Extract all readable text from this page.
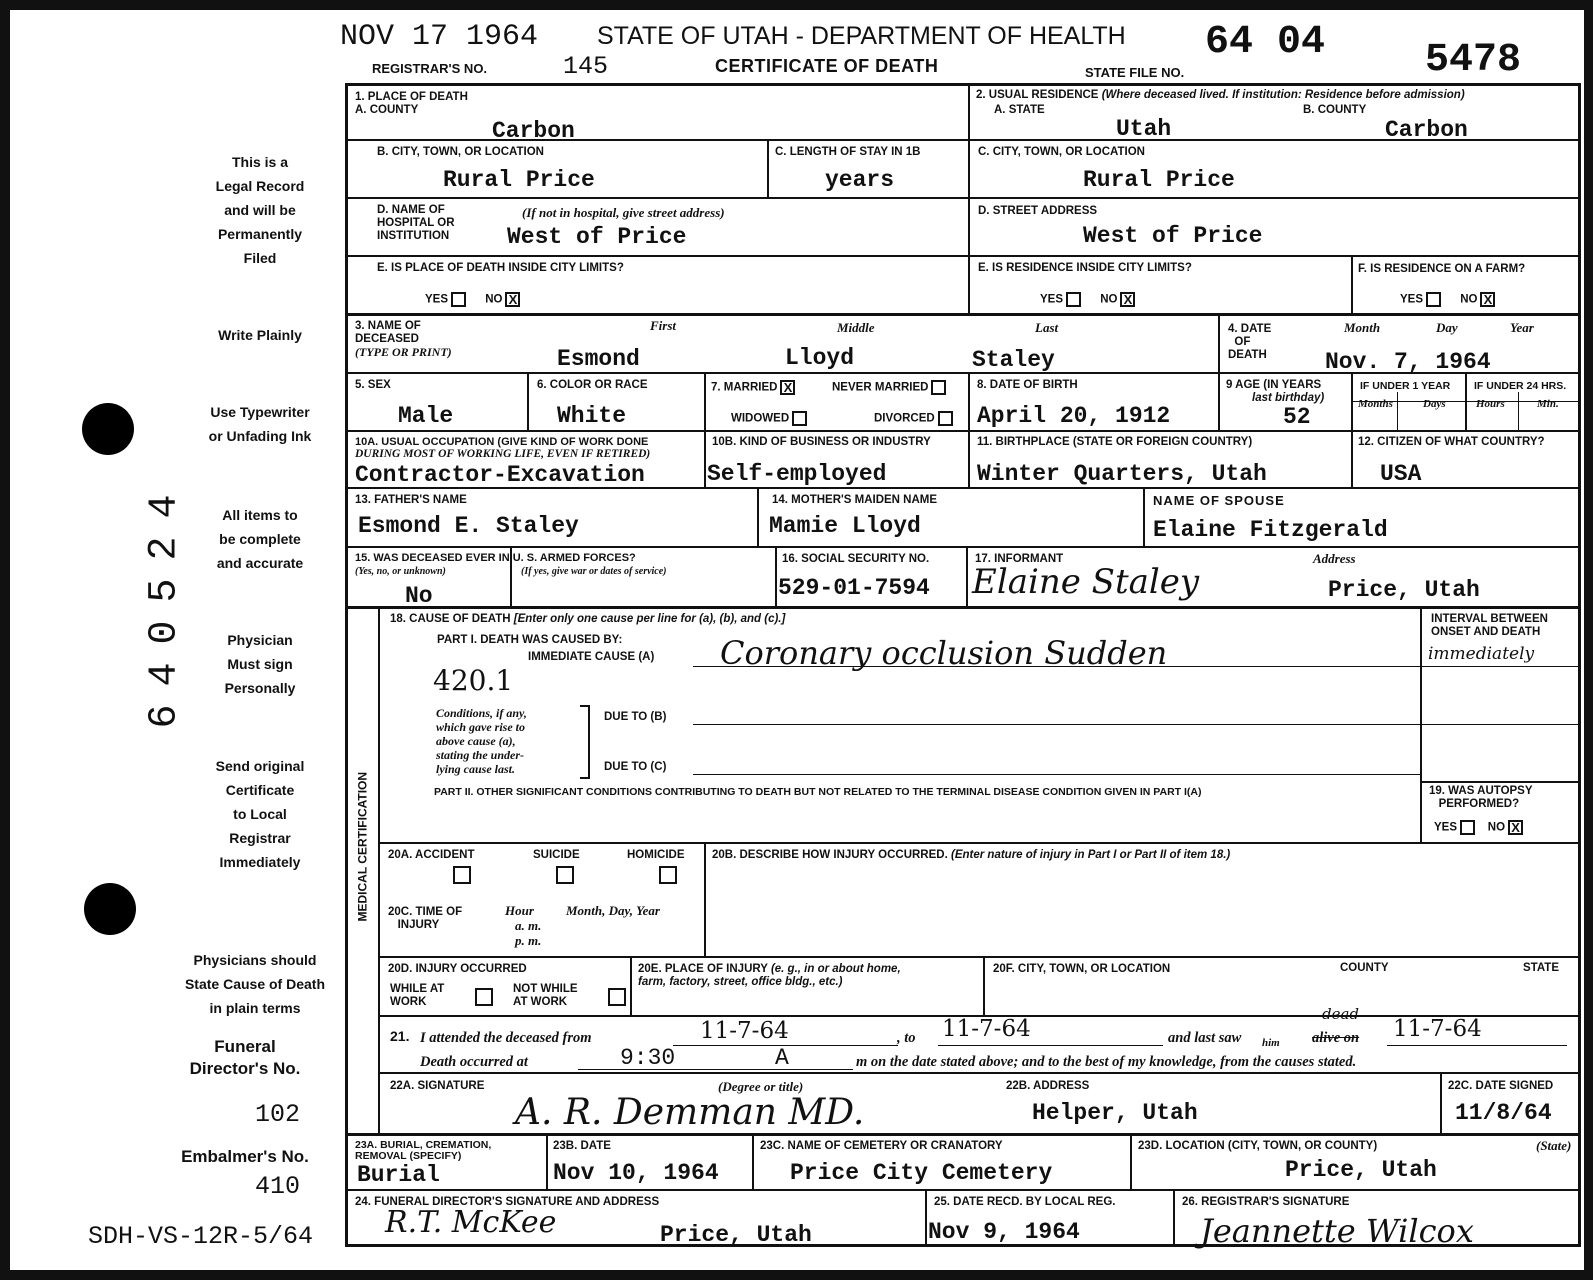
NOV 17 1964 STATE OF UTAH - DEPARTMENT OF HEALTH 64 04 5478
REGISTRAR'S NO.	145	CERTIFICATE OF DEATH	STATE FILE NO.
This is a
Legal Record
and will be
Permanently
Filed
Write Plainly
Use Typewriter
or Unfading Ink
All items to
be complete
and accurate
Physician
Must sign
Personally
Send original
Certificate
to Local
Registrar
Immediately
Physicians should
State Cause of Death
in plain terms
Funeral
Director's No.
102
Embalmer's No.
410
SDH-VS-12R-5/64
640524
1. PLACE OF DEATH
A. COUNTY
Carbon
2. USUAL RESIDENCE (Where deceased lived. If institution: Residence before admission)
A. STATE	B. COUNTY
Utah	Carbon
B. CITY, TOWN, OR LOCATION
Rural Price
C. LENGTH OF STAY IN 1B
years
C. CITY, TOWN, OR LOCATION
Rural Price
D. NAME OF
HOSPITAL OR
INSTITUTION
(If not in hospital, give street address)
West of Price
D. STREET ADDRESS
West of Price
E. IS PLACE OF DEATH INSIDE CITY LIMITS?
YES	NO X
E. IS RESIDENCE INSIDE CITY LIMITS?
YES	NO X
F. IS RESIDENCE ON A FARM?
YES	NO X
3. NAME OF
DECEASED
(TYPE OR PRINT)
First	Middle	Last
Esmond	Lloyd	Staley
4. DATE
OF
DEATH
Month	Day	Year
Nov. 7, 1964
5. SEX
Male
6. COLOR OR RACE
White
7. MARRIED X	NEVER MARRIED
WIDOWED	DIVORCED
8. DATE OF BIRTH
April 20, 1912
9 AGE (IN YEARS
last birthday)
52
IF UNDER 1 YEAR IF UNDER 24 HRS.
Months	Days	Hours	Min.
10A. USUAL OCCUPATION (GIVE KIND OF WORK DONE
DURING MOST OF WORKING LIFE, EVEN IF RETIRED)
Contractor-Excavation
10B. KIND OF BUSINESS OR INDUSTRY
Self-employed
11. BIRTHPLACE (STATE OR FOREIGN COUNTRY)
Winter Quarters, Utah
12. CITIZEN OF WHAT COUNTRY?
USA
13. FATHER'S NAME
Esmond E. Staley
14. MOTHER'S MAIDEN NAME
Mamie Lloyd
NAME OF SPOUSE
Elaine Fitzgerald
15. WAS DECEASED EVER IN U. S. ARMED FORCES?
(Yes, no, or unknown)	(If yes, give war or dates of service)
No
16. SOCIAL SECURITY NO.
529-01-7594
17. INFORMANT	Address
Elaine Staley	Price, Utah
MEDICAL CERTIFICATION
18. CAUSE OF DEATH [Enter only one cause per line for (a), (b), and (c).]
PART I. DEATH WAS CAUSED BY:
IMMEDIATE CAUSE (A) Coronary occlusion Sudden
420.1
INTERVAL BETWEEN
ONSET AND DEATH
immediately
Conditions, if any,
which gave rise to
above cause (a),
stating the under-
lying cause last.
DUE TO (B)
DUE TO (C)
PART II. OTHER SIGNIFICANT CONDITIONS CONTRIBUTING TO DEATH BUT NOT RELATED TO THE TERMINAL DISEASE CONDITION GIVEN IN PART I(A)	19. WAS AUTOPSY
PERFORMED?
YES	NO X
20A. ACCIDENT	SUICIDE	HOMICIDE 20B. DESCRIBE HOW INJURY OCCURRED. (Enter nature of injury in Part I or Part II of item 18.)
20C. TIME OF
INJURY
Hour
a. m.
p. m.
Month, Day, Year
20D. INJURY OCCURRED
WHILE AT
WORK
NOT WHILE
AT WORK
20E. PLACE OF INJURY (e. g., in or about home,
farm, factory, street, office bldg., etc.)
20F. CITY, TOWN, OR LOCATION	COUNTY	STATE
21. I attended the deceased from	11-7-64	, to 11-7-64	and last saw him
dead
alive on 11-7-64
Death occurred at	9:30	A	m on the date stated above; and to the best of my knowledge, from the causes stated.
22A. SIGNATURE	(Degree or title)
A. R. Demman MD.
22B. ADDRESS
Helper, Utah
22C. DATE SIGNED
11/8/64
23A. BURIAL, CREMATION,
REMOVAL (SPECIFY)
Burial
23B. DATE
Nov 10, 1964
23C. NAME OF CEMETERY OR CRANATORY
Price City Cemetery
23D. LOCATION (CITY, TOWN, OR COUNTY)	(State)
Price, Utah
24. FUNERAL DIRECTOR'S SIGNATURE AND ADDRESS
R.T. McKee	Price, Utah
25. DATE RECD. BY LOCAL REG.
Nov 9, 1964
26. REGISTRAR'S SIGNATURE
Jeannette Wilcox
